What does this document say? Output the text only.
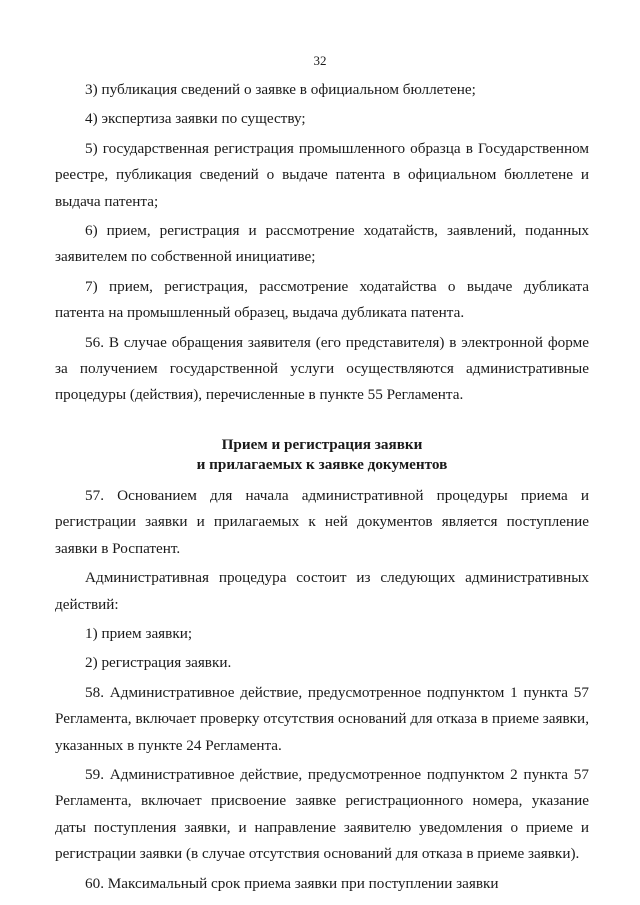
32

3) публикация сведений о заявке в официальном бюллетене;

4) экспертиза заявки по существу;

5) государственная регистрация промышленного образца в Государственном реестре, публикация сведений о выдаче патента в официальном бюллетене и выдача патента;

6) прием, регистрация и рассмотрение ходатайств, заявлений, поданных заявителем по собственной инициативе;

7) прием, регистрация, рассмотрение ходатайства о выдаче дубликата патента на промышленный образец, выдача дубликата патента.

56. В случае обращения заявителя (его представителя) в электронной форме за получением государственной услуги осуществляются административные процедуры (действия), перечисленные в пункте 55 Регламента.

Прием и регистрация заявки
и прилагаемых к заявке документов

57. Основанием для начала административной процедуры приема и регистрации заявки и прилагаемых к ней документов является поступление заявки в Роспатент.

Административная процедура состоит из следующих административных действий:

1) прием заявки;

2) регистрация заявки.

58. Административное действие, предусмотренное подпунктом 1 пункта 57 Регламента, включает проверку отсутствия оснований для отказа в приеме заявки, указанных в пункте 24 Регламента.

59. Административное действие, предусмотренное подпунктом 2 пункта 57 Регламента, включает присвоение заявке регистрационного номера, указание даты поступления заявки, и направление заявителю уведомления о приеме и регистрации заявки (в случае отсутствия оснований для отказа в приеме заявки).

60. Максимальный срок приема заявки при поступлении заявки
